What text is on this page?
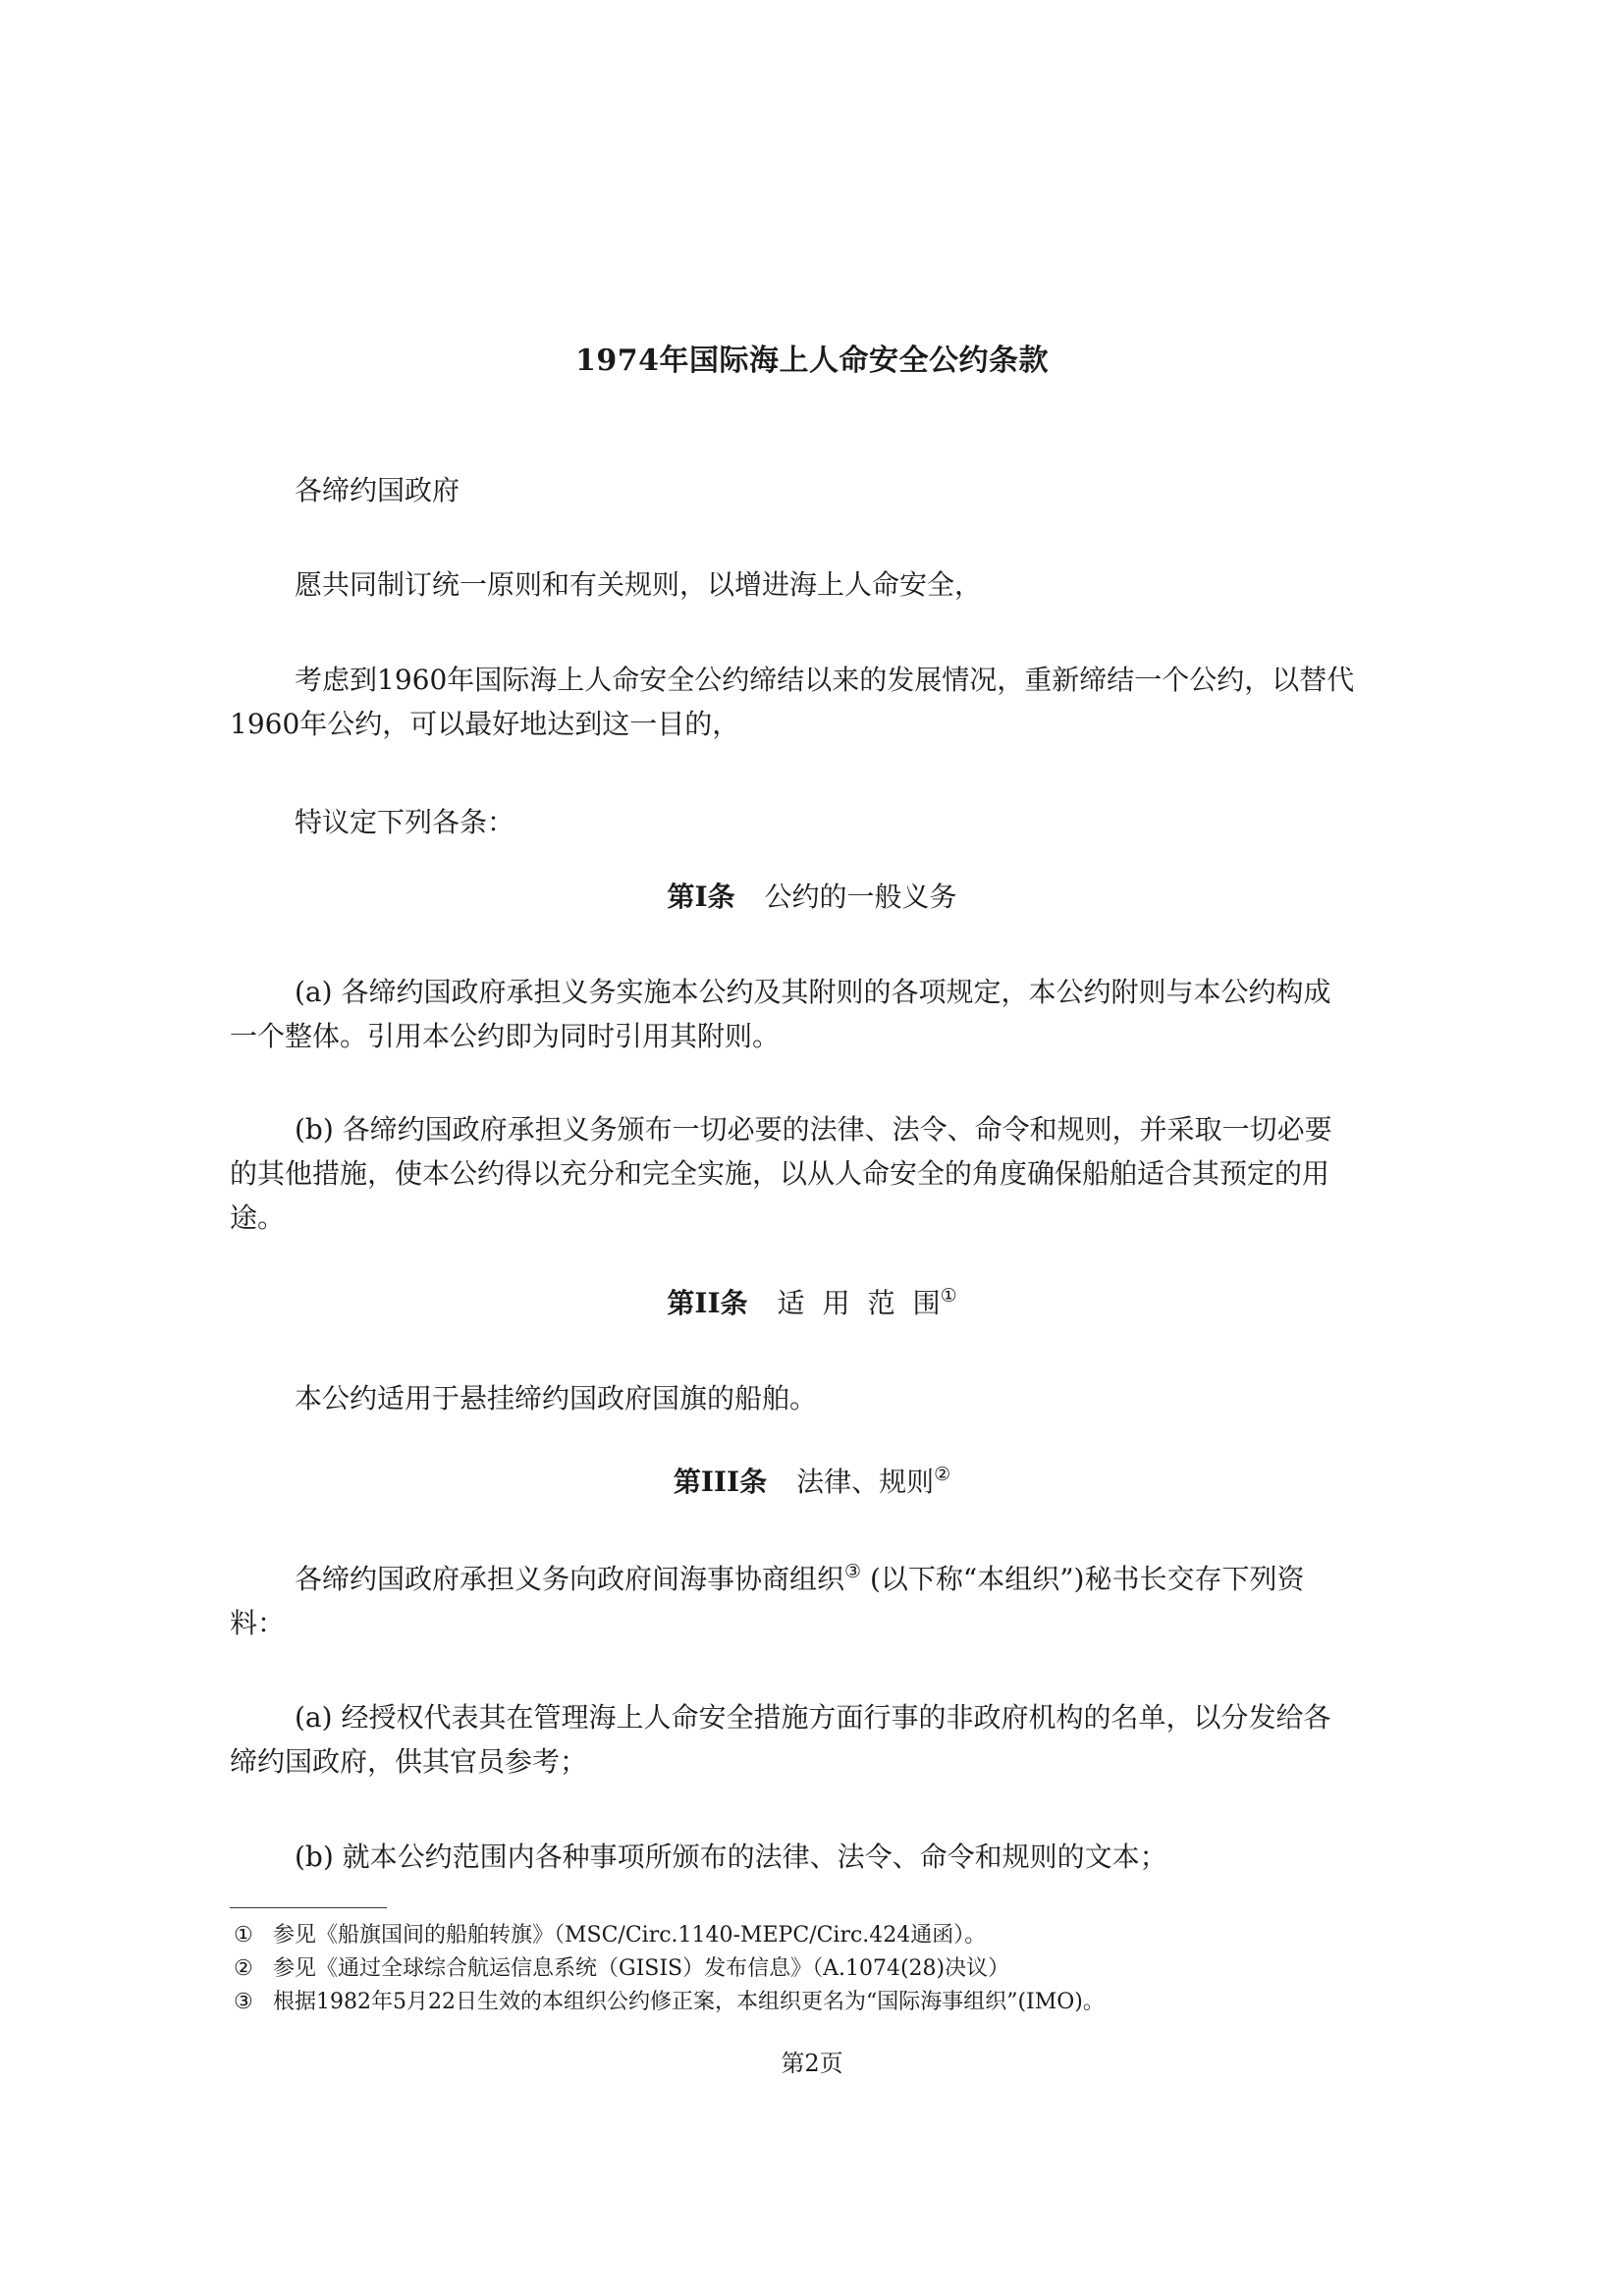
1974年国际海上人命安全公约条款
各缔约国政府
愿共同制订统一原则和有关规则，以增进海上人命安全，
考虑到1960年国际海上人命安全公约缔结以来的发展情况，重新缔结一个公约，以替代
1960年公约，可以最好地达到这一目的，
特议定下列各条：
第I条 公约的一般义务
(a) 各缔约国政府承担义务实施本公约及其附则的各项规定，本公约附则与本公约构成
一个整体。引用本公约即为同时引用其附则。
(b) 各缔约国政府承担义务颁布一切必要的法律、法令、命令和规则，并采取一切必要
的其他措施，使本公约得以充分和完全实施，以从人命安全的角度确保船舶适合其预定的用
途。
第II条 适 用 范 围①
本公约适用于悬挂缔约国政府国旗的船舶。
第III条 法律、规则②
各缔约国政府承担义务向政府间海事协商组织③ (以下称“本组织”)秘书长交存下列资
料：
(a) 经授权代表其在管理海上人命安全措施方面行事的非政府机构的名单，以分发给各
缔约国政府，供其官员参考；
(b) 就本公约范围内各种事项所颁布的法律、法令、命令和规则的文本；
① 参见《船旗国间的船舶转旗》（MSC/Circ.1140-MEPC/Circ.424通函）。
② 参见《通过全球综合航运信息系统（GISIS）发布信息》（A.1074(28)决议）
③ 根据1982年5月22日生效的本组织公约修正案，本组织更名为“国际海事组织”(IMO)。
第2页
